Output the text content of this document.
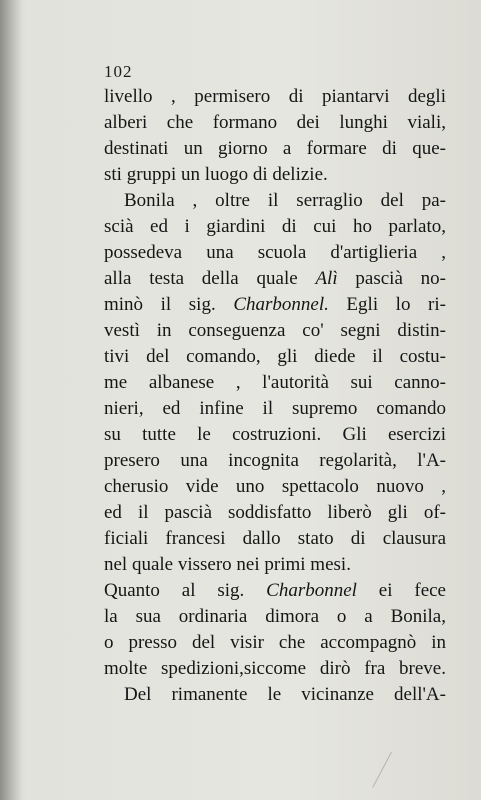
102
livello , permisero di piantarvi degli
alberi che formano dei lunghi viali,
destinati un giorno a formare di que-
sti gruppi un luogo di delizie.
Bonila , oltre il serraglio del pa-
scià ed i giardini di cui ho parlato,
possedeva una scuola d'artiglieria ,
alla testa della quale Alì pascià no-
minò il sig. Charbonnel. Egli lo ri-
vestì in conseguenza co' segni distin-
tivi del comando, gli diede il costu-
me albanese , l'autorità sui canno-
nieri, ed infine il supremo comando
su tutte le costruzioni. Gli esercizi
presero una incognita regolarità, l'A-
cherusio vide uno spettacolo nuovo ,
ed il pascià soddisfatto liberò gli of-
ficiali francesi dallo stato di clausura
nel quale vissero nei primi mesi.
Quanto al sig. Charbonnel ei fece
la sua ordinaria dimora o a Bonila,
o presso del visir che accompagnò in
molte spedizioni,siccome dirò fra breve.
Del rimanente le vicinanze dell'A-
